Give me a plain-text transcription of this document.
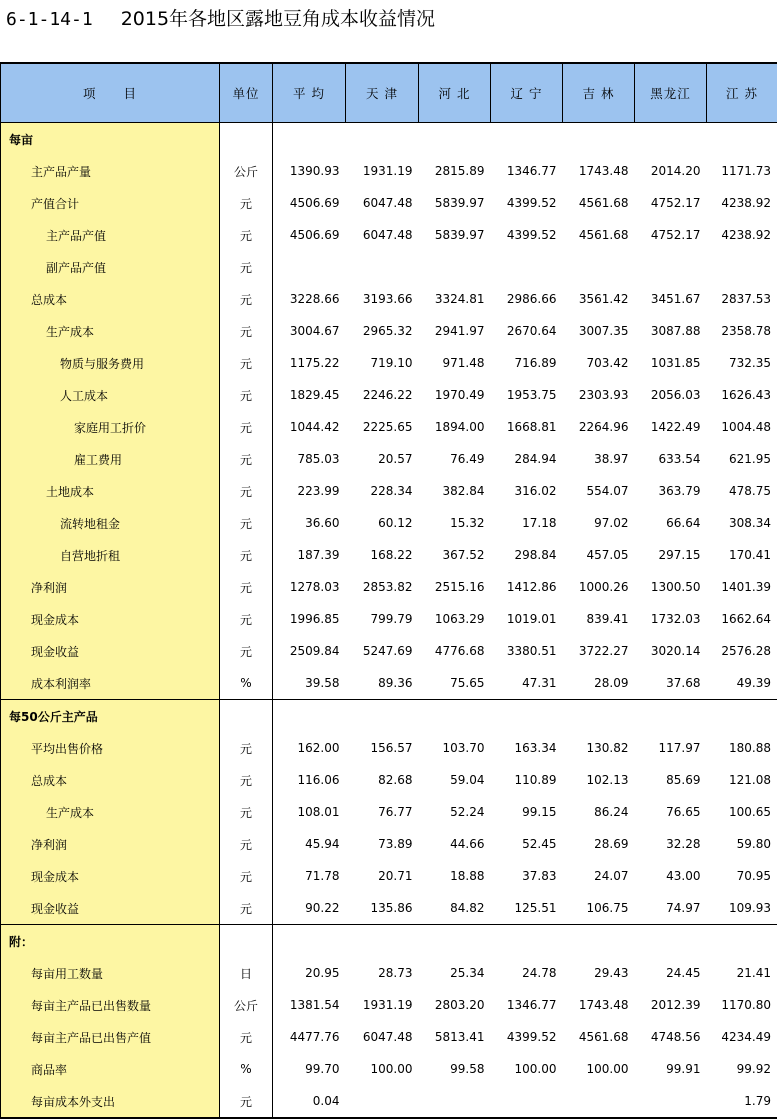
6-1-14-1 2015年各地区露地豆角成本收益情况
项　　目	单位	平 均	天 津	河 北	辽 宁	吉 林	黑龙江	江 苏
每亩								
主产品产量	公斤	1390.93	1931.19	2815.89	1346.77	1743.48	2014.20	1171.73
产值合计	元	4506.69	6047.48	5839.97	4399.52	4561.68	4752.17	4238.92
主产品产值	元	4506.69	6047.48	5839.97	4399.52	4561.68	4752.17	4238.92
副产品产值	元							
总成本	元	3228.66	3193.66	3324.81	2986.66	3561.42	3451.67	2837.53
生产成本	元	3004.67	2965.32	2941.97	2670.64	3007.35	3087.88	2358.78
物质与服务费用	元	1175.22	719.10	971.48	716.89	703.42	1031.85	732.35
人工成本	元	1829.45	2246.22	1970.49	1953.75	2303.93	2056.03	1626.43
家庭用工折价	元	1044.42	2225.65	1894.00	1668.81	2264.96	1422.49	1004.48
雇工费用	元	785.03	20.57	76.49	284.94	38.97	633.54	621.95
土地成本	元	223.99	228.34	382.84	316.02	554.07	363.79	478.75
流转地租金	元	36.60	60.12	15.32	17.18	97.02	66.64	308.34
自营地折租	元	187.39	168.22	367.52	298.84	457.05	297.15	170.41
净利润	元	1278.03	2853.82	2515.16	1412.86	1000.26	1300.50	1401.39
现金成本	元	1996.85	799.79	1063.29	1019.01	839.41	1732.03	1662.64
现金收益	元	2509.84	5247.69	4776.68	3380.51	3722.27	3020.14	2576.28
成本利润率	%	39.58	89.36	75.65	47.31	28.09	37.68	49.39
每50公斤主产品								
平均出售价格	元	162.00	156.57	103.70	163.34	130.82	117.97	180.88
总成本	元	116.06	82.68	59.04	110.89	102.13	85.69	121.08
生产成本	元	108.01	76.77	52.24	99.15	86.24	76.65	100.65
净利润	元	45.94	73.89	44.66	52.45	28.69	32.28	59.80
现金成本	元	71.78	20.71	18.88	37.83	24.07	43.00	70.95
现金收益	元	90.22	135.86	84.82	125.51	106.75	74.97	109.93
附：								
每亩用工数量	日	20.95	28.73	25.34	24.78	29.43	24.45	21.41
每亩主产品已出售数量	公斤	1381.54	1931.19	2803.20	1346.77	1743.48	2012.39	1170.80
每亩主产品已出售产值	元	4477.76	6047.48	5813.41	4399.52	4561.68	4748.56	4234.49
商品率	%	99.70	100.00	99.58	100.00	100.00	99.91	99.92
每亩成本外支出	元	0.04						1.79
